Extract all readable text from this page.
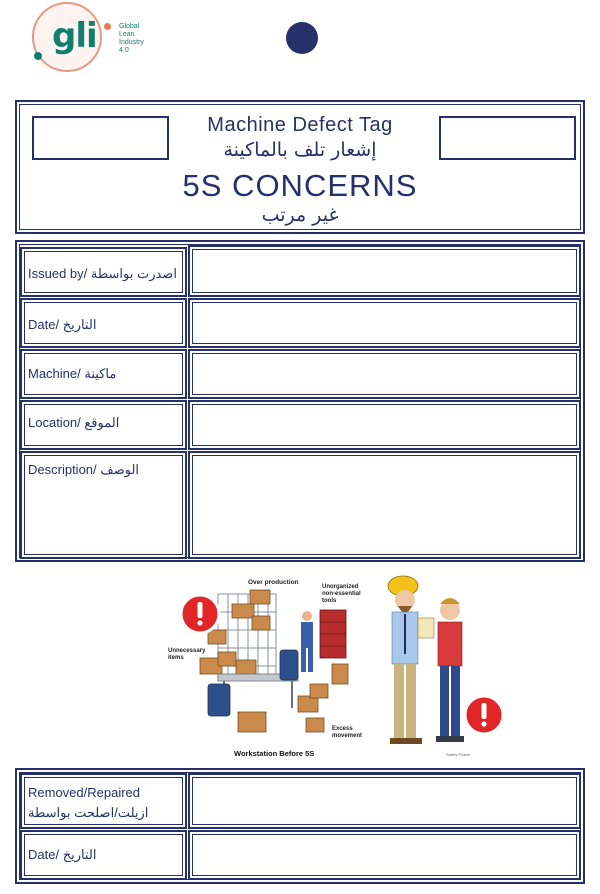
gli	Global
Lean
Industry
4.0
Machine Defect Tag
إشعار تلف بالماكينة
5S CONCERNS
غير مرتب
Issued by/ اصدرت بواسطة
Date/ التاريخ
Machine/ ماكينة
Location/ الموقع
Description/ الوصف
Over production
Unorganized
non-essential
tools
Unnecessary
items
Excess
movement
Workstation Before 5S	Safety Poster
Removed/Repaired
ازيلت/اصلحت بواسطة
Date/ التاريخ
